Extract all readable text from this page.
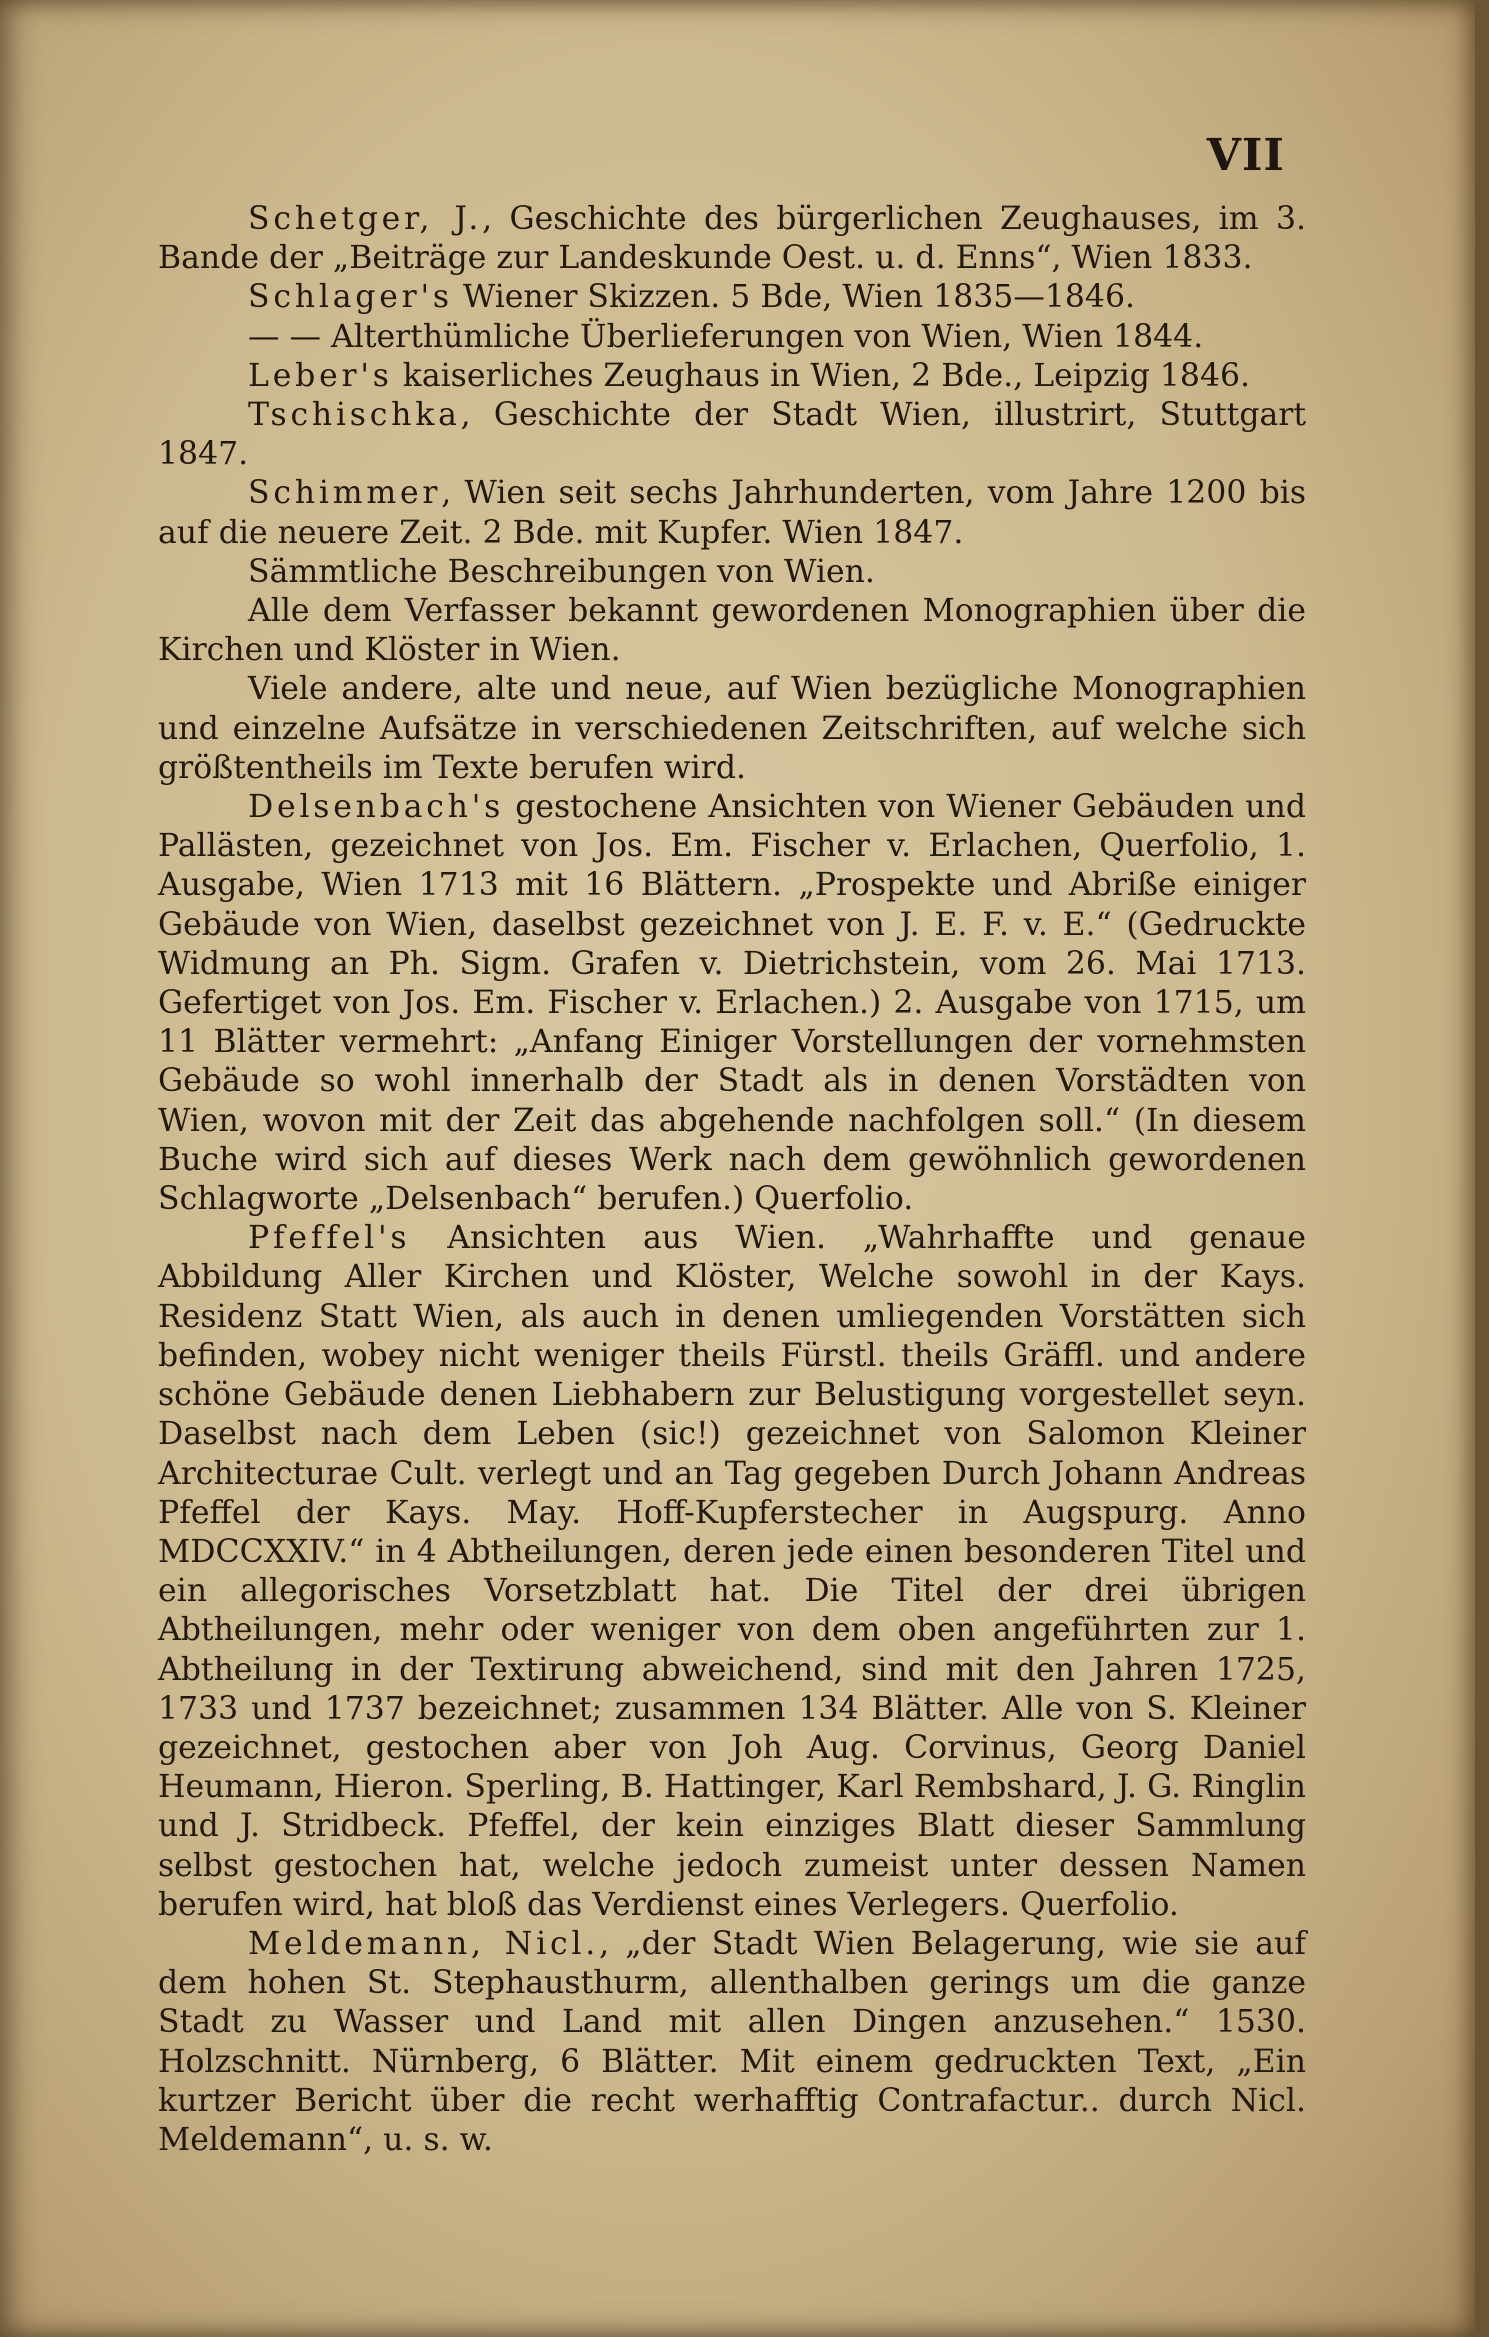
VII

Schetger, J., Geschichte des bürgerlichen Zeughauses, im 3. Bande der „Beiträge zur Landeskunde Oest. u. d. Enns“, Wien 1833.

Schlager's Wiener Skizzen. 5 Bde, Wien 1835—1846.

— — Alterthümliche Überlieferungen von Wien, Wien 1844.

Leber's kaiserliches Zeughaus in Wien, 2 Bde., Leipzig 1846.

Tschischka, Geschichte der Stadt Wien, illustrirt, Stuttgart 1847.

Schimmer, Wien seit sechs Jahrhunderten, vom Jahre 1200 bis auf die neuere Zeit. 2 Bde. mit Kupfer. Wien 1847.

Sämmtliche Beschreibungen von Wien.

Alle dem Verfasser bekannt gewordenen Monographien über die Kirchen und Klöster in Wien.

Viele andere, alte und neue, auf Wien bezügliche Monographien und einzelne Aufsätze in verschiedenen Zeitschriften, auf welche sich größtentheils im Texte berufen wird.

Delsenbach's gestochene Ansichten von Wiener Gebäuden und Pallästen, gezeichnet von Jos. Em. Fischer v. Erlachen, Querfolio, 1. Ausgabe, Wien 1713 mit 16 Blättern. „Prospekte und Abriße einiger Gebäude von Wien, daselbst gezeichnet von J. E. F. v. E.“ (Gedruckte Widmung an Ph. Sigm. Grafen v. Dietrichstein, vom 26. Mai 1713. Gefertiget von Jos. Em. Fischer v. Erlachen.) 2. Ausgabe von 1715, um 11 Blätter vermehrt: „Anfang Einiger Vorstellungen der vornehmsten Gebäude so wohl innerhalb der Stadt als in denen Vorstädten von Wien, wovon mit der Zeit das abgehende nachfolgen soll.“ (In diesem Buche wird sich auf dieses Werk nach dem gewöhnlich gewordenen Schlagworte „Delsenbach“ berufen.) Querfolio.

Pfeffel's Ansichten aus Wien. „Wahrhaffte und genaue Abbildung Aller Kirchen und Klöster, Welche sowohl in der Kays. Residenz Statt Wien, als auch in denen umliegenden Vorstätten sich befinden, wobey nicht weniger theils Fürstl. theils Gräffl. und andere schöne Gebäude denen Liebhabern zur Belustigung vorgestellet seyn. Daselbst nach dem Leben (sic!) gezeichnet von Salomon Kleiner Architecturae Cult. verlegt und an Tag gegeben Durch Johann Andreas Pfeffel der Kays. May. Hoff-Kupferstecher in Augspurg. Anno MDCCXXIV.“ in 4 Abtheilungen, deren jede einen besonderen Titel und ein allegorisches Vorsetzblatt hat. Die Titel der drei übrigen Abtheilungen, mehr oder weniger von dem oben angeführten zur 1. Abtheilung in der Textirung abweichend, sind mit den Jahren 1725, 1733 und 1737 bezeichnet; zusammen 134 Blätter. Alle von S. Kleiner gezeichnet, gestochen aber von Joh Aug. Corvinus, Georg Daniel Heumann, Hieron. Sperling, B. Hattinger, Karl Rembshard, J. G. Ringlin und J. Stridbeck. Pfeffel, der kein einziges Blatt dieser Sammlung selbst gestochen hat, welche jedoch zumeist unter dessen Namen berufen wird, hat bloß das Verdienst eines Verlegers. Querfolio.

Meldemann, Nicl., „der Stadt Wien Belagerung, wie sie auf dem hohen St. Stephausthurm, allenthalben gerings um die ganze Stadt zu Wasser und Land mit allen Dingen anzusehen.“ 1530. Holzschnitt. Nürnberg, 6 Blätter. Mit einem gedruckten Text, „Ein kurtzer Bericht über die recht werhafftig Contrafactur.. durch Nicl. Meldemann“, u. s. w.
